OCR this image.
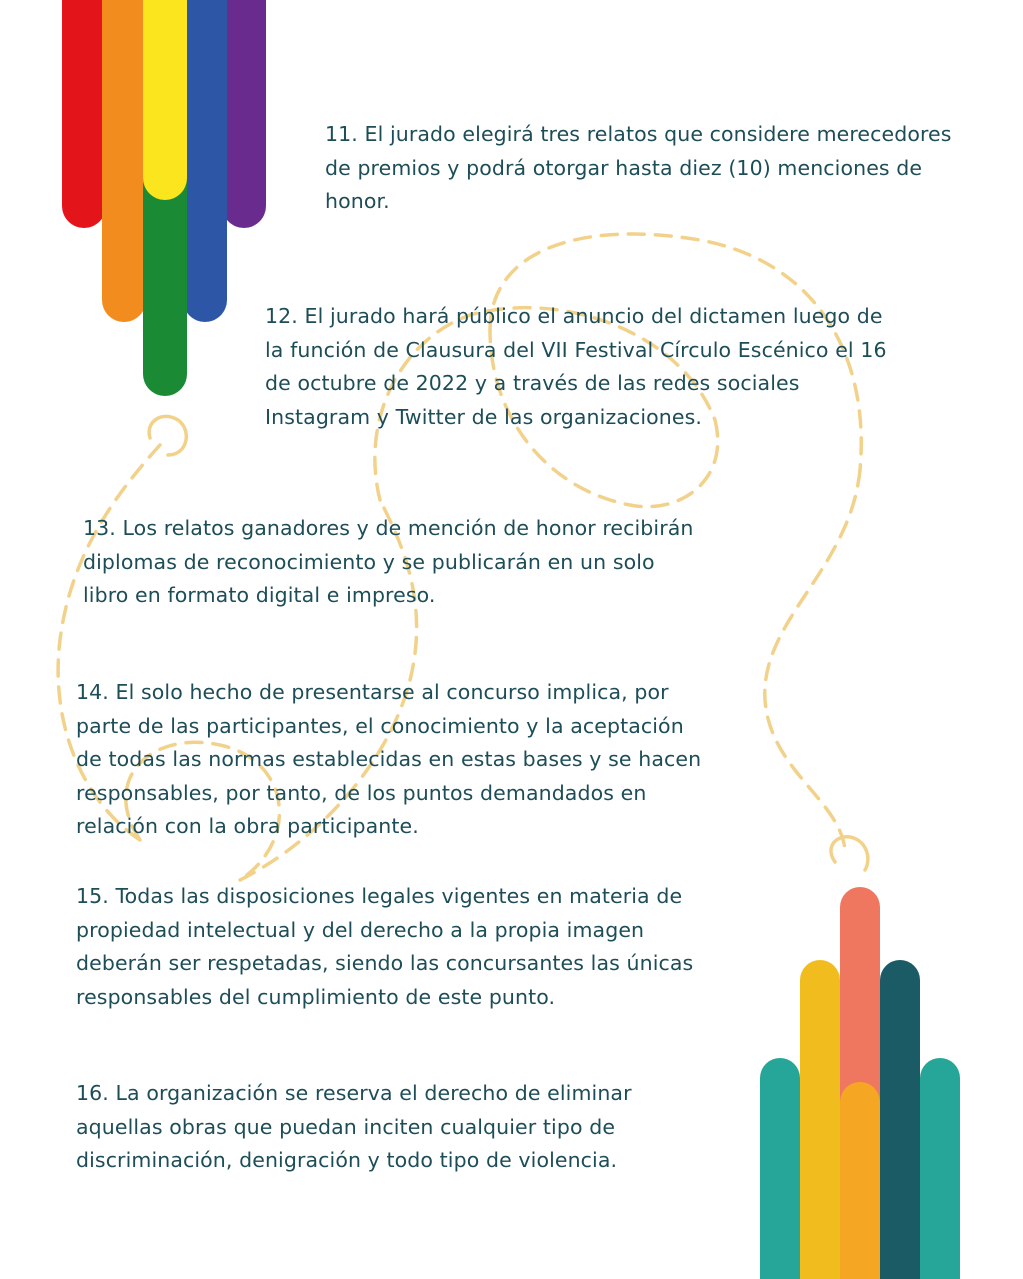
11. El jurado elegirá tres relatos que considere merecedores
de premios y podrá otorgar hasta diez (10) menciones de
honor.

12. El jurado hará público el anuncio del dictamen luego de
la función de Clausura del VII Festival Círculo Escénico el 16
de octubre de 2022 y a través de las redes sociales
Instagram y Twitter de las organizaciones.

13. Los relatos ganadores y de mención de honor recibirán
diplomas de reconocimiento y se publicarán en un solo
libro en formato digital e impreso.

14. El solo hecho de presentarse al concurso implica, por
parte de las participantes, el conocimiento y la aceptación
de todas las normas establecidas en estas bases y se hacen
responsables, por tanto, de los puntos demandados en
relación con la obra participante.

15. Todas las disposiciones legales vigentes en materia de
propiedad intelectual y del derecho a la propia imagen
deberán ser respetadas, siendo las concursantes las únicas
responsables del cumplimiento de este punto.

16. La organización se reserva el derecho de eliminar
aquellas obras que puedan inciten cualquier tipo de
discriminación, denigración y todo tipo de violencia.
